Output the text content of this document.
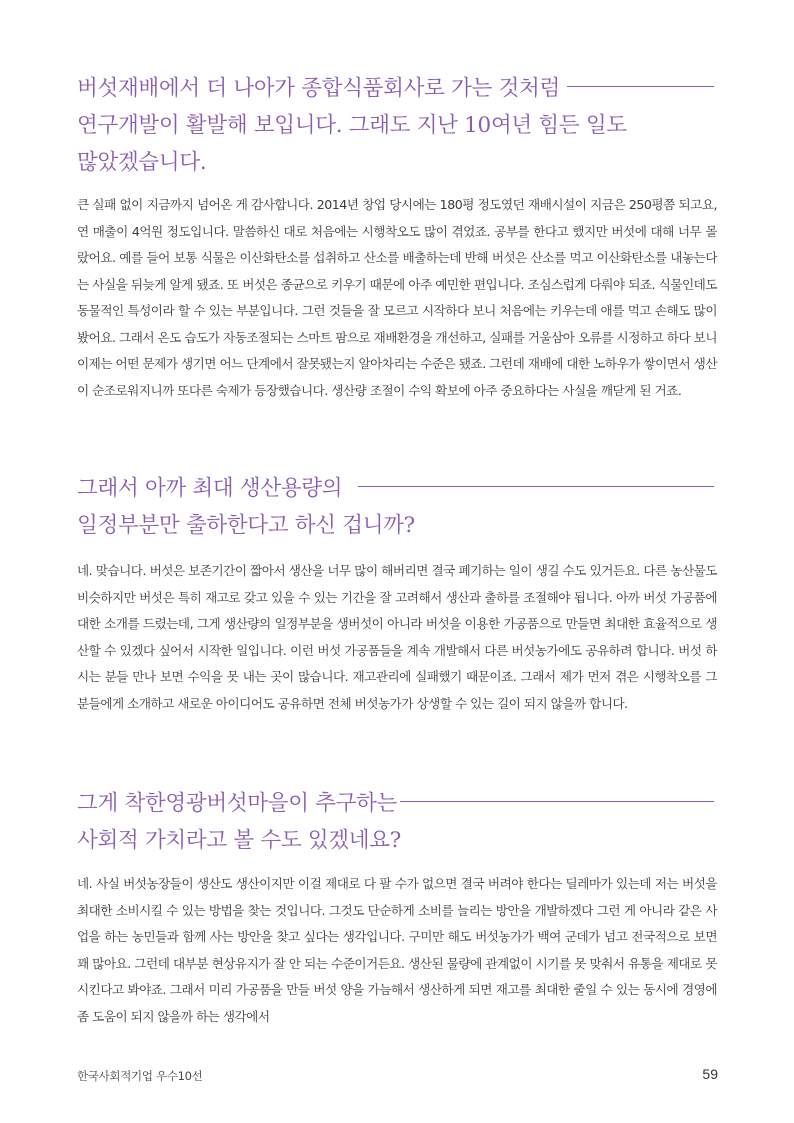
버섯재배에서 더 나아가 종합식품회사로 가는 것처럼
연구개발이 활발해 보입니다. 그래도 지난 10여년 힘든 일도
많았겠습니다.

큰 실패 없이 지금까지 넘어온 게 감사합니다. 2014년 창업 당시에는 180평 정도였던 재배시설이 지금은 250평쯤 되고요, 연 매출이 4억원 정도입니다. 말씀하신 대로 처음에는 시행착오도 많이 겪었죠. 공부를 한다고 했지만 버섯에 대해 너무 몰랐어요. 예를 들어 보통 식물은 이산화탄소를 섭취하고 산소를 배출하는데 반해 버섯은 산소를 먹고 이산화탄소를 내놓는다는 사실을 뒤늦게 알게 됐죠. 또 버섯은 종균으로 키우기 때문에 아주 예민한 편입니다. 조심스럽게 다뤄야 되죠. 식물인데도 동물적인 특성이라 할 수 있는 부분입니다. 그런 것들을 잘 모르고 시작하다 보니 처음에는 키우는데 애를 먹고 손해도 많이 봤어요. 그래서 온도 습도가 자동조절되는 스마트 팜으로 재배환경을 개선하고, 실패를 거울삼아 오류를 시정하고 하다 보니 이제는 어떤 문제가 생기면 어느 단계에서 잘못됐는지 알아차리는 수준은 됐죠. 그런데 재배에 대한 노하우가 쌓이면서 생산이 순조로워지니까 또다른 숙제가 등장했습니다. 생산량 조절이 수익 확보에 아주 중요하다는 사실을 깨닫게 된 거죠.

그래서 아까 최대 생산용량의
일정부분만 출하한다고 하신 겁니까?

네. 맞습니다. 버섯은 보존기간이 짧아서 생산을 너무 많이 해버리면 결국 폐기하는 일이 생길 수도 있거든요. 다른 농산물도 비슷하지만 버섯은 특히 재고로 갖고 있을 수 있는 기간을 잘 고려해서 생산과 출하를 조절해야 됩니다. 아까 버섯 가공품에 대한 소개를 드렸는데, 그게 생산량의 일정부분을 생버섯이 아니라 버섯을 이용한 가공품으로 만들면 최대한 효율적으로 생산할 수 있겠다 싶어서 시작한 일입니다. 이런 버섯 가공품들을 계속 개발해서 다른 버섯농가에도 공유하려 합니다. 버섯 하시는 분들 만나 보면 수익을 못 내는 곳이 많습니다. 재고관리에 실패했기 때문이죠. 그래서 제가 먼저 겪은 시행착오를 그 분들에게 소개하고 새로운 아이디어도 공유하면 전체 버섯농가가 상생할 수 있는 길이 되지 않을까 합니다.

그게 착한영광버섯마을이 추구하는
사회적 가치라고 볼 수도 있겠네요?

네. 사실 버섯농장들이 생산도 생산이지만 이걸 제대로 다 팔 수가 없으면 결국 버려야 한다는 딜레마가 있는데 저는 버섯을 최대한 소비시킬 수 있는 방법을 찾는 것입니다. 그것도 단순하게 소비를 늘리는 방안을 개발하겠다 그런 게 아니라 같은 사업을 하는 농민들과 함께 사는 방안을 찾고 싶다는 생각입니다. 구미만 해도 버섯농가가 백여 군데가 넘고 전국적으로 보면 꽤 많아요. 그런데 대부분 현상유지가 잘 안 되는 수준이거든요. 생산된 물량에 관계없이 시기를 못 맞춰서 유통을 제대로 못 시킨다고 봐야죠. 그래서 미리 가공품을 만들 버섯 양을 가늠해서 생산하게 되면 재고를 최대한 줄일 수 있는 동시에 경영에 좀 도움이 되지 않을까 하는 생각에서

한국사회적기업 우수10선	59
